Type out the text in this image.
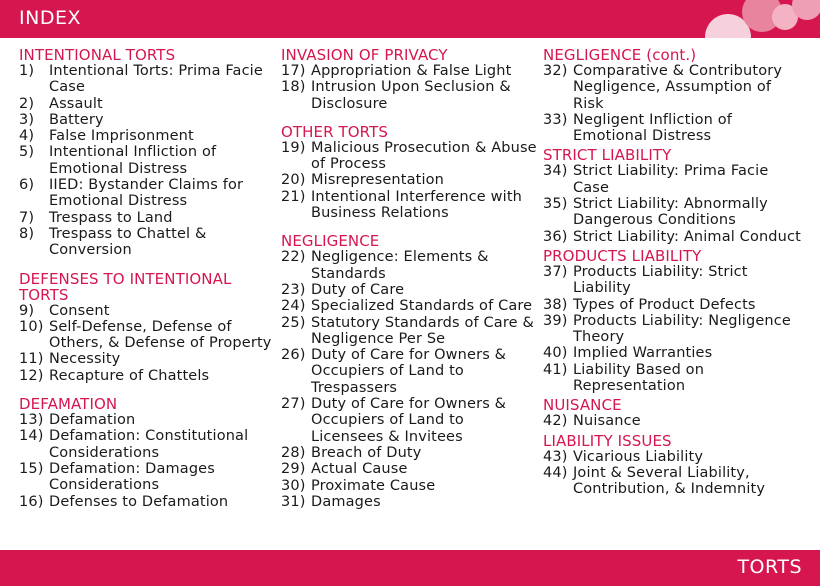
INDEX
INTENTIONAL TORTS
1)	Intentional Torts: Prima Facie Case
2)	Assault
3)	Battery
4)	False Imprisonment
5)	Intentional Infliction of Emotional Distress
6)	IIED: Bystander Claims for Emotional Distress
7)	Trespass to Land
8)	Trespass to Chattel & Conversion
DEFENSES TO INTENTIONAL TORTS
9)	Consent
10) Self-Defense, Defense of Others, & Defense of Property
11) Necessity
12) Recapture of Chattels
DEFAMATION
13) Defamation
14) Defamation: Constitutional Considerations
15) Defamation: Damages Considerations
16) Defenses to Defamation
INVASION OF PRIVACY
17) Appropriation & False Light
18) Intrusion Upon Seclusion & Disclosure
OTHER TORTS
19) Malicious Prosecution & Abuse of Process
20) Misrepresentation
21) Intentional Interference with Business Relations
NEGLIGENCE
22) Negligence: Elements & Standards
23) Duty of Care
24) Specialized Standards of Care
25) Statutory Standards of Care & Negligence Per Se
26) Duty of Care for Owners & Occupiers of Land to Trespassers
27) Duty of Care for Owners & Occupiers of Land to Licensees & Invitees
28) Breach of Duty
29) Actual Cause
30) Proximate Cause
31) Damages
NEGLIGENCE (cont.)
32) Comparative & Contributory Negligence, Assumption of Risk
33) Negligent Infliction of Emotional Distress
STRICT LIABILITY
34) Strict Liability: Prima Facie Case
35) Strict Liability: Abnormally Dangerous Conditions
36) Strict Liability: Animal Conduct
PRODUCTS LIABILITY
37) Products Liability: Strict Liability
38) Types of Product Defects
39) Products Liability: Negligence Theory
40) Implied Warranties
41) Liability Based on Representation
NUISANCE
42) Nuisance
LIABILITY ISSUES
43) Vicarious Liability
44) Joint & Several Liability, Contribution, & Indemnity
TORTS
